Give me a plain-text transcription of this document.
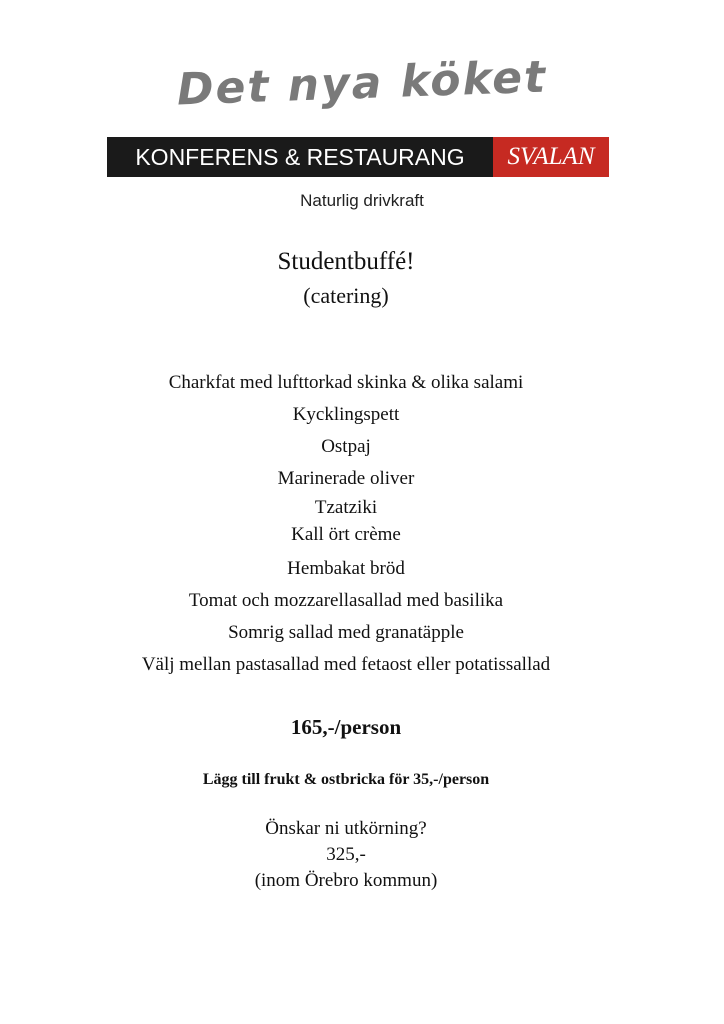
Det nya köket
KONFERENS & RESTAURANG	SVALAN
Naturlig drivkraft
Studentbuffé!
(catering)
Charkfat med lufttorkad skinka & olika salami
Kycklingspett
Ostpaj
Marinerade oliver
Tzatziki
Kall ört crème
Hembakat bröd
Tomat och mozzarellasallad med basilika
Somrig sallad med granatäpple
Välj mellan pastasallad med fetaost eller potatissallad
165,-/person
Lägg till frukt & ostbricka för 35,-/person
Önskar ni utkörning?
325,-
(inom Örebro kommun)
